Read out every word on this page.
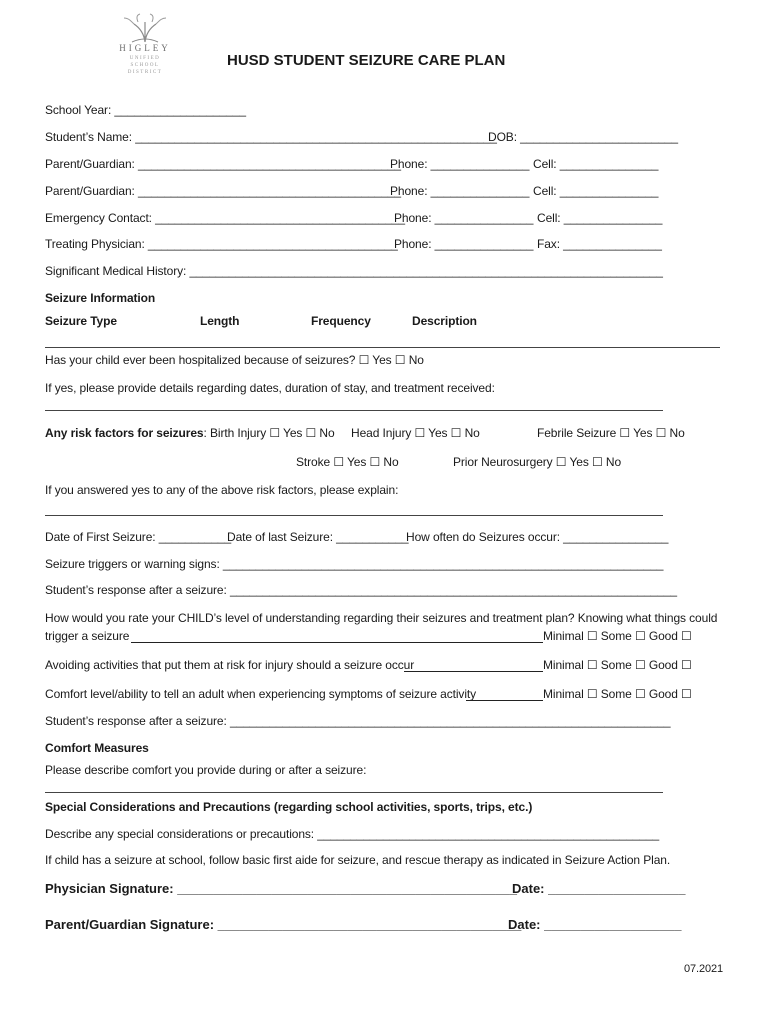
HIGLEY
UNIFIED
SCHOOL
DISTRICT
HUSD STUDENT SEIZURE CARE PLAN
School Year: ____________________
Student’s Name: _______________________________________________________
DOB: ________________________
Parent/Guardian: ________________________________________
Phone: _______________ Cell: _______________
Parent/Guardian: ________________________________________
Phone: _______________ Cell: _______________
Emergency Contact: ______________________________________
Phone: _______________ Cell: _______________
Treating Physician: ______________________________________
Phone: _______________ Fax: _______________
Significant Medical History: ________________________________________________________________________
Seizure Information
Seizure Type	Length	Frequency	Description
Has your child ever been hospitalized because of seizures? ☐ Yes ☐ No
If yes, please provide details regarding dates, duration of stay, and treatment received:
Any risk factors for seizures: Birth Injury ☐ Yes ☐ No Head Injury ☐ Yes ☐ No	Febrile Seizure ☐ Yes ☐ No
Stroke ☐ Yes ☐ No	Prior Neurosurgery ☐ Yes ☐ No
If you answered yes to any of the above risk factors, please explain:
Date of First Seizure: ___________
Date of last Seizure: ___________
How often do Seizures occur: ________________
Seizure triggers or warning signs: ___________________________________________________________________
Student’s response after a seizure: ____________________________________________________________________
How would you rate your CHILD’s level of understanding regarding their seizures and treatment plan? Knowing what things could
trigger a seizure	Minimal ☐ Some ☐ Good ☐
Avoiding activities that put them at risk for injury should a seizure occur	Minimal ☐ Some ☐ Good ☐
Comfort level/ability to tell an adult when experiencing symptoms of seizure activity	Minimal ☐ Some ☐ Good ☐
Student’s response after a seizure: ___________________________________________________________________
Comfort Measures
Please describe comfort you provide during or after a seizure:
Special Considerations and Precautions (regarding school activities, sports, trips, etc.)
Describe any special considerations or precautions: ____________________________________________________
If child has a seizure at school, follow basic first aide for seizure, and rescue therapy as indicated in Seizure Action Plan.
Physician Signature: _______________________________________________
Date: ___________________
Parent/Guardian Signature: __________________________________________
Date: ___________________
07.2021
